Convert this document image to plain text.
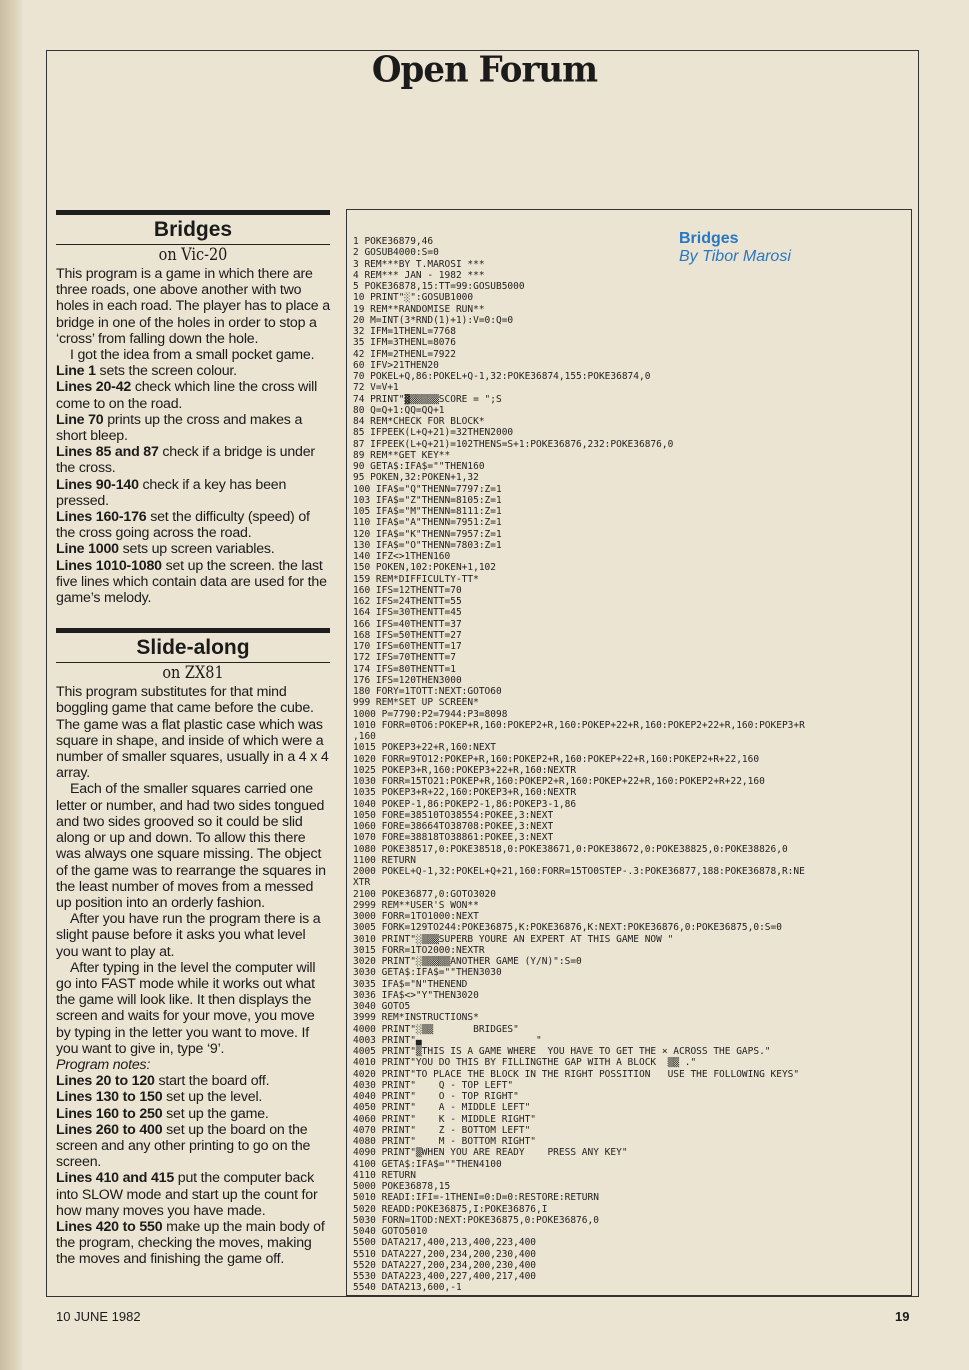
Open Forum
Bridges
on Vic-20

This program is a game in which there are three roads, one above another with two holes in each road. The player has to place a bridge in one of the holes in order to stop a ‘cross’ from falling down the hole.

I got the idea from a small pocket game.

Line 1 sets the screen colour.

Lines 20-42 check which line the cross will come to on the road.

Line 70 prints up the cross and makes a short bleep.

Lines 85 and 87 check if a bridge is under the cross.

Lines 90-140 check if a key has been pressed.

Lines 160-176 set the difficulty (speed) of the cross going across the road.

Line 1000 sets up screen variables.

Lines 1010-1080 set up the screen. the last five lines which contain data are used for the game’s melody.

Slide-along
on ZX81

This program substitutes for that mind boggling game that came before the cube. The game was a flat plastic case which was square in shape, and inside of which were a number of smaller squares, usually in a 4 x 4 array.

Each of the smaller squares carried one letter or number, and had two sides tongued and two sides grooved so it could be slid along or up and down. To allow this there was always one square missing. The object of the game was to rearrange the squares in the least number of moves from a messed up position into an orderly fashion.

After you have run the program there is a slight pause before it asks you what level you want to play at.

After typing in the level the computer will go into FAST mode while it works out what the game will look like. It then displays the screen and waits for your move, you move by typing in the letter you want to move. If you want to give in, type ‘9’.

Program notes:

Lines 20 to 120 start the board off.

Lines 130 to 150 set up the level.

Lines 160 to 250 set up the game.

Lines 260 to 400 set up the board on the screen and any other printing to go on the screen.

Lines 410 and 415 put the computer back into SLOW mode and start up the count for how many moves you have made.

Lines 420 to 550 make up the main body of the program, checking the moves, making the moves and finishing the game off.

Bridges
By Tibor Marosi
1 POKE36879,46
2 GOSUB4000:S=0
3 REM***BY T.MAROSI ***
4 REM*** JAN - 1982 ***
5 POKE36878,15:TT=99:GOSUB5000
10 PRINT"░":GOSUB1000
19 REM**RANDOMISE RUN**
20 M=INT(3*RND(1)+1):V=0:Q=0
32 IFM=1THENL=7768
35 IFM=3THENL=8076
42 IFM=2THENL=7922
60 IFV>21THEN20
70 POKEL+Q,86:POKEL+Q-1,32:POKE36874,155:POKE36874,0
72 V=V+1
74 PRINT"▓▒▒▒▒▒SCORE = ";S
80 Q=Q+1:QQ=QQ+1
84 REM*CHECK FOR BLOCK*
85 IFPEEK(L+Q+21)=32THEN2000
87 IFPEEK(L+Q+21)=102THENS=S+1:POKE36876,232:POKE36876,0
89 REM**GET KEY**
90 GETA$:IFA$=""THEN160
95 POKEN,32:POKEN+1,32
100 IFA$="Q"THENN=7797:Z=1
103 IFA$="Z"THENN=8105:Z=1
105 IFA$="M"THENN=8111:Z=1
110 IFA$="A"THENN=7951:Z=1
120 IFA$="K"THENN=7957:Z=1
130 IFA$="O"THENN=7803:Z=1
140 IFZ<>1THEN160
150 POKEN,102:POKEN+1,102
159 REM*DIFFICULTY-TT*
160 IFS=12THENTT=70
162 IFS=24THENTT=55
164 IFS=30THENTT=45
166 IFS=40THENTT=37
168 IFS=50THENTT=27
170 IFS=60THENTT=17
172 IFS=70THENTT=7
174 IFS=80THENTT=1
176 IFS=120THEN3000
180 FORY=1TOTT:NEXT:GOTO60
999 REM*SET UP SCREEN*
1000 P=7790:P2=7944:P3=8098
1010 FORR=0TO6:POKEP+R,160:POKEP2+R,160:POKEP+22+R,160:POKEP2+22+R,160:POKEP3+R
,160
1015 POKEP3+22+R,160:NEXT
1020 FORR=9TO12:POKEP+R,160:POKEP2+R,160:POKEP+22+R,160:POKEP2+R+22,160
1025 POKEP3+R,160:POKEP3+22+R,160:NEXTR
1030 FORR=15TO21:POKEP+R,160:POKEP2+R,160:POKEP+22+R,160:POKEP2+R+22,160
1035 POKEP3+R+22,160:POKEP3+R,160:NEXTR
1040 POKEP-1,86:POKEP2-1,86:POKEP3-1,86
1050 FORE=38510TO38554:POKEE,3:NEXT
1060 FORE=38664TO38708:POKEE,3:NEXT
1070 FORE=38818TO38861:POKEE,3:NEXT
1080 POKE38517,0:POKE38518,0:POKE38671,0:POKE38672,0:POKE38825,0:POKE38826,0
1100 RETURN
2000 POKEL+Q-1,32:POKEL+Q+21,160:FORR=15TO0STEP-.3:POKE36877,188:POKE36878,R:NE
XTR
2100 POKE36877,0:GOTO3020
2999 REM**USER'S WON**
3000 FORR=1TO1000:NEXT
3005 FORK=129TO244:POKE36875,K:POKE36876,K:NEXT:POKE36876,0:POKE36875,0:S=0
3010 PRINT"░▒▒▒SUPERB YOURE AN EXPERT AT THIS GAME NOW "
3015 FORR=1TO2000:NEXTR
3020 PRINT"░▒▒▒▒▒ANOTHER GAME (Y/N)":S=0
3030 GETA$:IFA$=""THEN3030
3035 IFA$="N"THENEND
3036 IFA$<>"Y"THEN3020
3040 GOTO5
3999 REM*INSTRUCTIONS*
4000 PRINT"░▒▒       BRIDGES"
4003 PRINT"▄                    "
4005 PRINT"▒THIS IS A GAME WHERE  YOU HAVE TO GET THE × ACROSS THE GAPS."
4010 PRINT"YOU DO THIS BY FILLINGTHE GAP WITH A BLOCK  ▒▒ ."
4020 PRINT"TO PLACE THE BLOCK IN THE RIGHT POSSITION   USE THE FOLLOWING KEYS"
4030 PRINT"    Q - TOP LEFT"
4040 PRINT"    O - TOP RIGHT"
4050 PRINT"    A - MIDDLE LEFT"
4060 PRINT"    K - MIDDLE RIGHT"
4070 PRINT"    Z - BOTTOM LEFT"
4080 PRINT"    M - BOTTOM RIGHT"
4090 PRINT"▒WHEN YOU ARE READY    PRESS ANY KEY"
4100 GETA$:IFA$=""THEN4100
4110 RETURN
5000 POKE36878,15
5010 READI:IFI=-1THENI=0:D=0:RESTORE:RETURN
5020 READD:POKE36875,I:POKE36876,I
5030 FORN=1TOD:NEXT:POKE36875,0:POKE36876,0
5040 GOTO5010
5500 DATA217,400,213,400,223,400
5510 DATA227,200,234,200,230,400
5520 DATA227,200,234,200,230,400
5530 DATA223,400,227,400,217,400
5540 DATA213,600,-1
10 JUNE 1982	19
